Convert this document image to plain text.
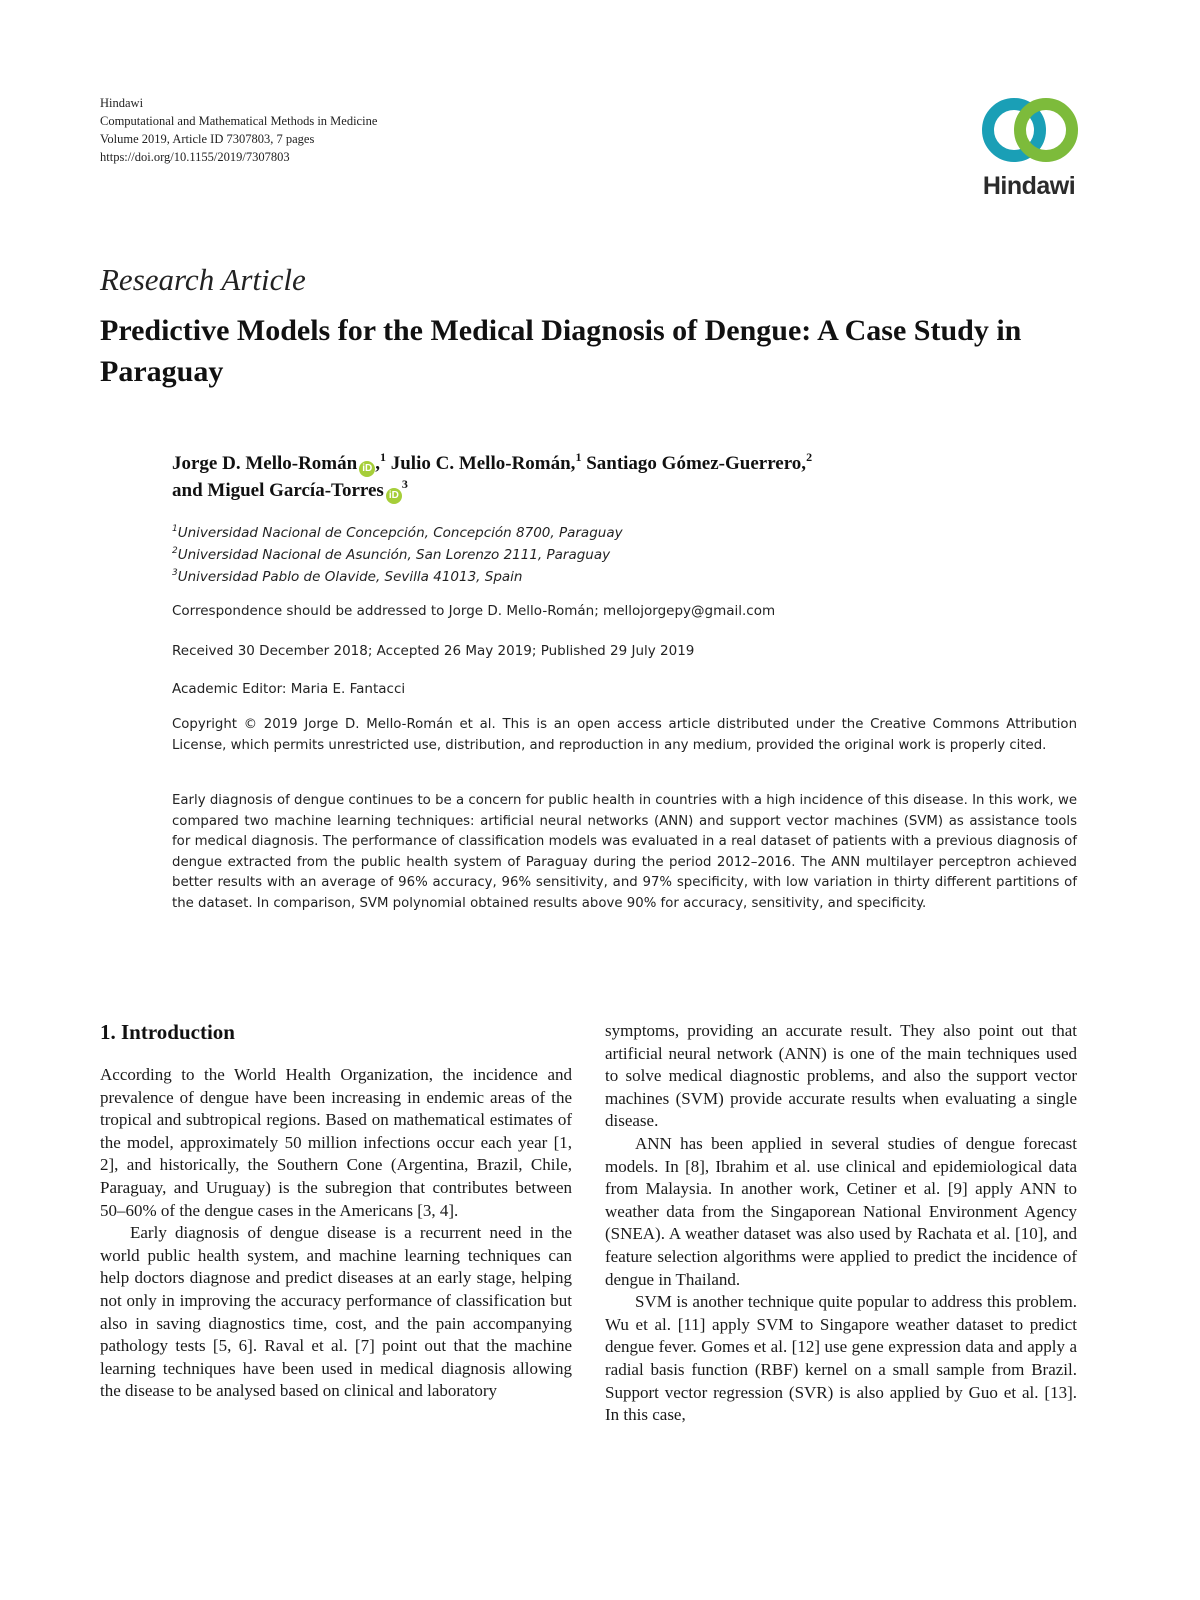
Hindawi
Computational and Mathematical Methods in Medicine
Volume 2019, Article ID 7307803, 7 pages
https://doi.org/10.1155/2019/7307803
Hindawi
Research Article
Predictive Models for the Medical Diagnosis of Dengue: A Case Study in Paraguay
Jorge D. Mello-Román iD ,$^1$ Julio C. Mello-Román,$^1$ Santiago Gómez-Guerrero,$^2$
and Miguel García-Torres $iD^3$
$^1$Universidad Nacional de Concepción, Concepción 8700, Paraguay
$^2$Universidad Nacional de Asunción, San Lorenzo 2111, Paraguay
$^3$Universidad Pablo de Olavide, Sevilla 41013, Spain
Correspondence should be addressed to Jorge D. Mello-Román; mellojorgepy@gmail.com
Received 30 December 2018; Accepted 26 May 2019; Published 29 July 2019
Academic Editor: Maria E. Fantacci
Copyright © 2019 Jorge D. Mello-Román et al. This is an open access article distributed under the Creative Commons Attribution License, which permits unrestricted use, distribution, and reproduction in any medium, provided the original work is properly cited.
Early diagnosis of dengue continues to be a concern for public health in countries with a high incidence of this disease. In this work, we compared two machine learning techniques: artificial neural networks (ANN) and support vector machines (SVM) as assistance tools for medical diagnosis. The performance of classification models was evaluated in a real dataset of patients with a previous diagnosis of dengue extracted from the public health system of Paraguay during the period 2012–2016. The ANN multilayer perceptron achieved better results with an average of 96% accuracy, 96% sensitivity, and 97% specificity, with low variation in thirty different partitions of the dataset. In comparison, SVM polynomial obtained results above 90% for accuracy, sensitivity, and specificity.
1. Introduction

According to the World Health Organization, the incidence and prevalence of dengue have been increasing in endemic areas of the tropical and subtropical regions. Based on mathematical estimates of the model, approximately 50 million infections occur each year [1, 2], and historically, the Southern Cone (Argentina, Brazil, Chile, Paraguay, and Uruguay) is the subregion that contributes between 50–60% of the dengue cases in the Americans [3, 4].

Early diagnosis of dengue disease is a recurrent need in the world public health system, and machine learning techniques can help doctors diagnose and predict diseases at an early stage, helping not only in improving the accuracy performance of classification but also in saving diagnostics time, cost, and the pain accompanying pathology tests [5, 6]. Raval et al. [7] point out that the machine learning techniques have been used in medical diagnosis allowing the disease to be analysed based on clinical and laboratory

symptoms, providing an accurate result. They also point out that artificial neural network (ANN) is one of the main techniques used to solve medical diagnostic problems, and also the support vector machines (SVM) provide accurate results when evaluating a single disease.

ANN has been applied in several studies of dengue forecast models. In [8], Ibrahim et al. use clinical and epidemiological data from Malaysia. In another work, Cetiner et al. [9] apply ANN to weather data from the Singaporean National Environment Agency (SNEA). A weather dataset was also used by Rachata et al. [10], and feature selection algorithms were applied to predict the incidence of dengue in Thailand.

SVM is another technique quite popular to address this problem. Wu et al. [11] apply SVM to Singapore weather dataset to predict dengue fever. Gomes et al. [12] use gene expression data and apply a radial basis function (RBF) kernel on a small sample from Brazil. Support vector regression (SVR) is also applied by Guo et al. [13]. In this case,
